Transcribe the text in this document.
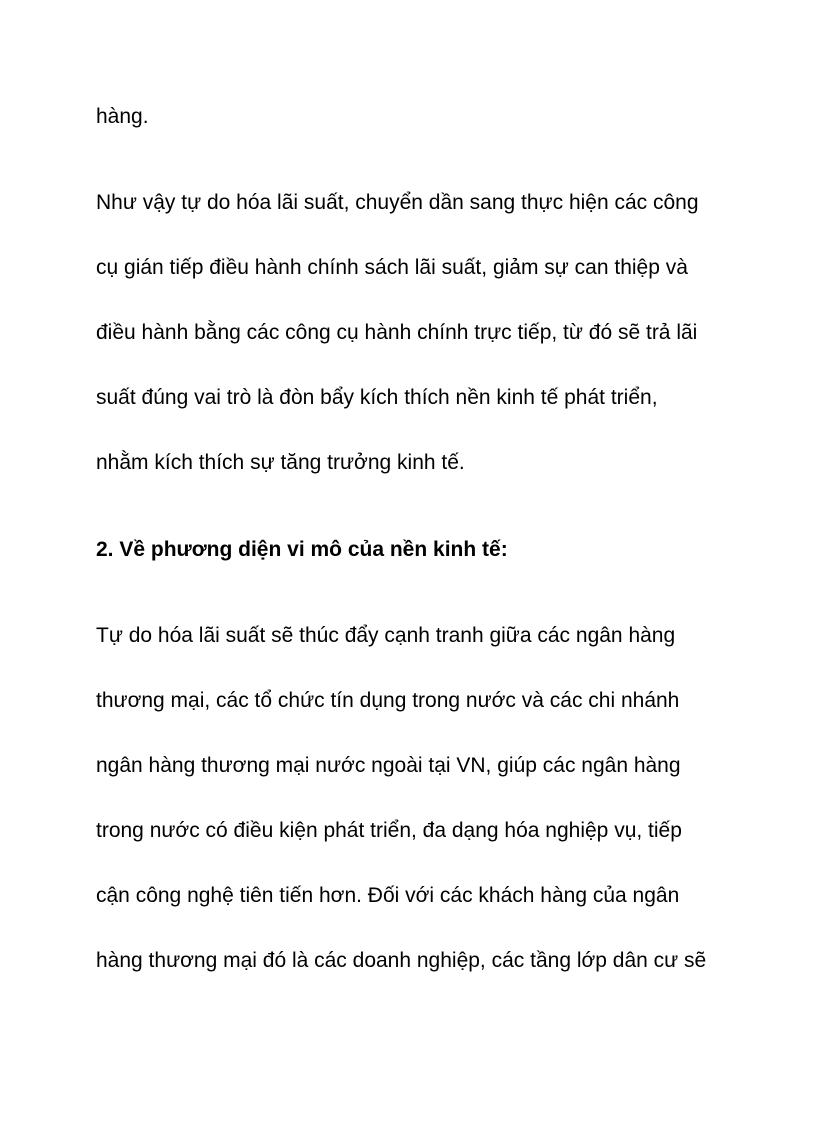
hàng.
Như vậy tự do hóa lãi suất, chuyển dần sang thực hiện các công
cụ gián tiếp điều hành chính sách lãi suất, giảm sự can thiệp và
điều hành bằng các công cụ hành chính trực tiếp, từ đó sẽ trả lãi
suất đúng vai trò là đòn bẩy kích thích nền kinh tế phát triển,
nhằm kích thích sự tăng trưởng kinh tế.
2. Về phương diện vi mô của nền kinh tế:
Tự do hóa lãi suất sẽ thúc đẩy cạnh tranh giữa các ngân hàng
thương mại, các tổ chức tín dụng trong nước và các chi nhánh
ngân hàng thương mại nước ngoài tại VN, giúp các ngân hàng
trong nước có điều kiện phát triển, đa dạng hóa nghiệp vụ, tiếp
cận công nghệ tiên tiến hơn. Đối với các khách hàng của ngân
hàng thương mại đó là các doanh nghiệp, các tầng lớp dân cư sẽ
